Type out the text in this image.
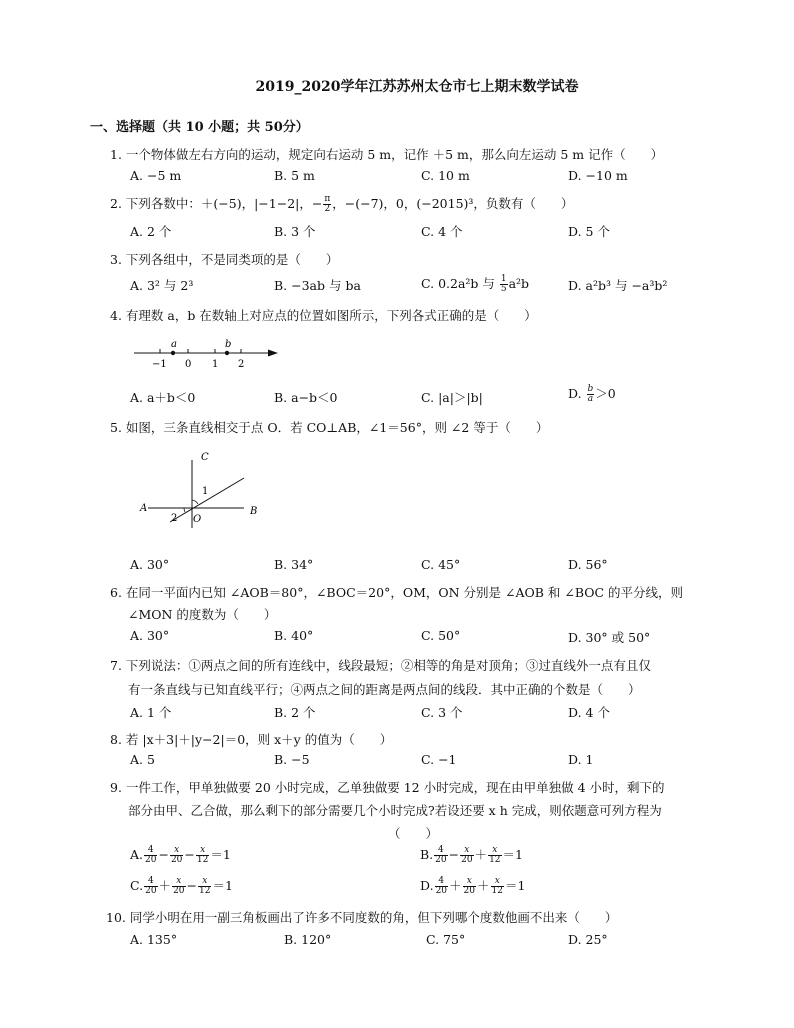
2019_2020学年江苏苏州太仓市七上期末数学试卷
一、选择题（共 10 小题；共 50分）
1. 一个物体做左右方向的运动，规定向右运动 5 m，记作 ＋5 m，那么向左运动 5 m 记作（　　）
A. −5 m	B. 5 m	C. 10 m	D. −10 m
2. 下列各数中：＋(−5)，|−1−2|，− $\frac{\pi}{2}$ ，−(−7)，0，(−2015)³，负数有（　　）
A. 2 个	B. 3 个	C. 4 个	D. 5 个
3. 下列各组中，不是同类项的是（　　）
A. 3² 与 2³	B. −3ab 与 ba	C. 0.2a²b 与 $\frac{1}{5} a^2b$	D. a²b³ 与 −a³b²
4. 有理数 a，b 在数轴上对应点的位置如图所示，下列各式正确的是（　　）
a	b
−1 0 1 2
A. a＋b＜0	B. a−b＜0	C. |a|＞|b|	D. $\frac{b}{a} >0$
5. 如图，三条直线相交于点 O．若 CO⊥AB，∠1＝56°，则 ∠2 等于（　　）
C
A	B
O
1
2
A. 30°	B. 34°	C. 45°	D. 56°
6. 在同一平面内已知 ∠AOB＝80°，∠BOC＝20°，OM，ON 分别是 ∠AOB 和 ∠BOC 的平分线，则
∠MON 的度数为（　　）
A. 30°	B. 40°	C. 50°	D. 30° 或 50°
7. 下列说法：①两点之间的所有连线中，线段最短；②相等的角是对顶角；③过直线外一点有且仅
有一条直线与已知直线平行；④两点之间的距离是两点间的线段．其中正确的个数是（　　）
A. 1 个	B. 2 个	C. 3 个	D. 4 个
8. 若 |x＋3|＋|y−2|＝0，则 x＋y 的值为（　　）
A. 5	B. −5	C. −1	D. 1
9. 一件工作，甲单独做要 20 小时完成，乙单独做要 12 小时完成，现在由甲单独做 4 小时，剩下的
部分由甲、乙合做，那么剩下的部分需要几个小时完成?若设还要 x h 完成，则依题意可列方程为
（　　）
A. $\frac{4}{20} - \frac{x}{20} - \frac{x}{12} =1$	B. $\frac{4}{20} - \frac{x}{20} + \frac{x}{12} =1$
C. $\frac{4}{20} + \frac{x}{20} - \frac{x}{12} =1$	D. $\frac{4}{20} + \frac{x}{20} + \frac{x}{12} =1$
10. 同学小明在用一副三角板画出了许多不同度数的角，但下列哪个度数他画不出来（　　）
A. 135°	B. 120°	C. 75°	D. 25°
